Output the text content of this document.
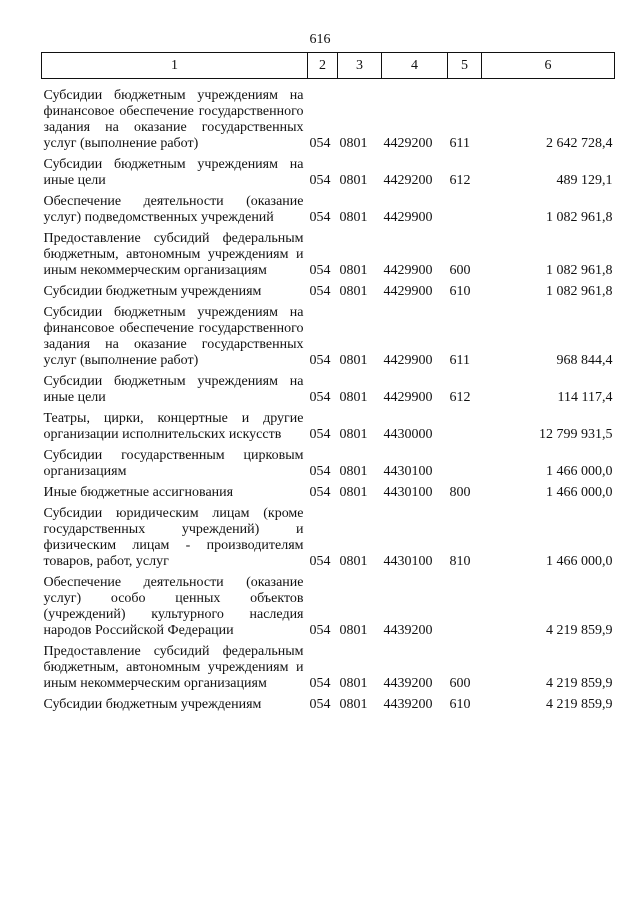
616
1	2	3	4	5	6
Субсидии бюджетным учреждениям на финансовое обеспечение государственного задания на оказание государственных услуг (выполнение работ)	054	0801	4429200	611	2 642 728,4
Субсидии бюджетным учреждениям на иные цели	054	0801	4429200	612	489 129,1
Обеспечение деятельности (оказание услуг) подведомственных учреждений	054	0801	4429900		1 082 961,8
Предоставление субсидий федеральным бюджетным, автономным учреждениям и иным некоммерческим организациям	054	0801	4429900	600	1 082 961,8
Субсидии бюджетным учреждениям	054	0801	4429900	610	1 082 961,8
Субсидии бюджетным учреждениям на финансовое обеспечение государственного задания на оказание государственных услуг (выполнение работ)	054	0801	4429900	611	968 844,4
Субсидии бюджетным учреждениям на иные цели	054	0801	4429900	612	114 117,4
Театры, цирки, концертные и другие организации исполнительских искусств	054	0801	4430000		12 799 931,5
Субсидии государственным цирковым организациям	054	0801	4430100		1 466 000,0
Иные бюджетные ассигнования	054	0801	4430100	800	1 466 000,0
Субсидии юридическим лицам (кроме государственных учреждений) и физическим лицам - производителям товаров, работ, услуг	054	0801	4430100	810	1 466 000,0
Обеспечение деятельности (оказание услуг) особо ценных объектов (учреждений) культурного наследия народов Российской Федерации	054	0801	4439200		4 219 859,9
Предоставление субсидий федеральным бюджетным, автономным учреждениям и иным некоммерческим организациям	054	0801	4439200	600	4 219 859,9
Субсидии бюджетным учреждениям	054	0801	4439200	610	4 219 859,9
